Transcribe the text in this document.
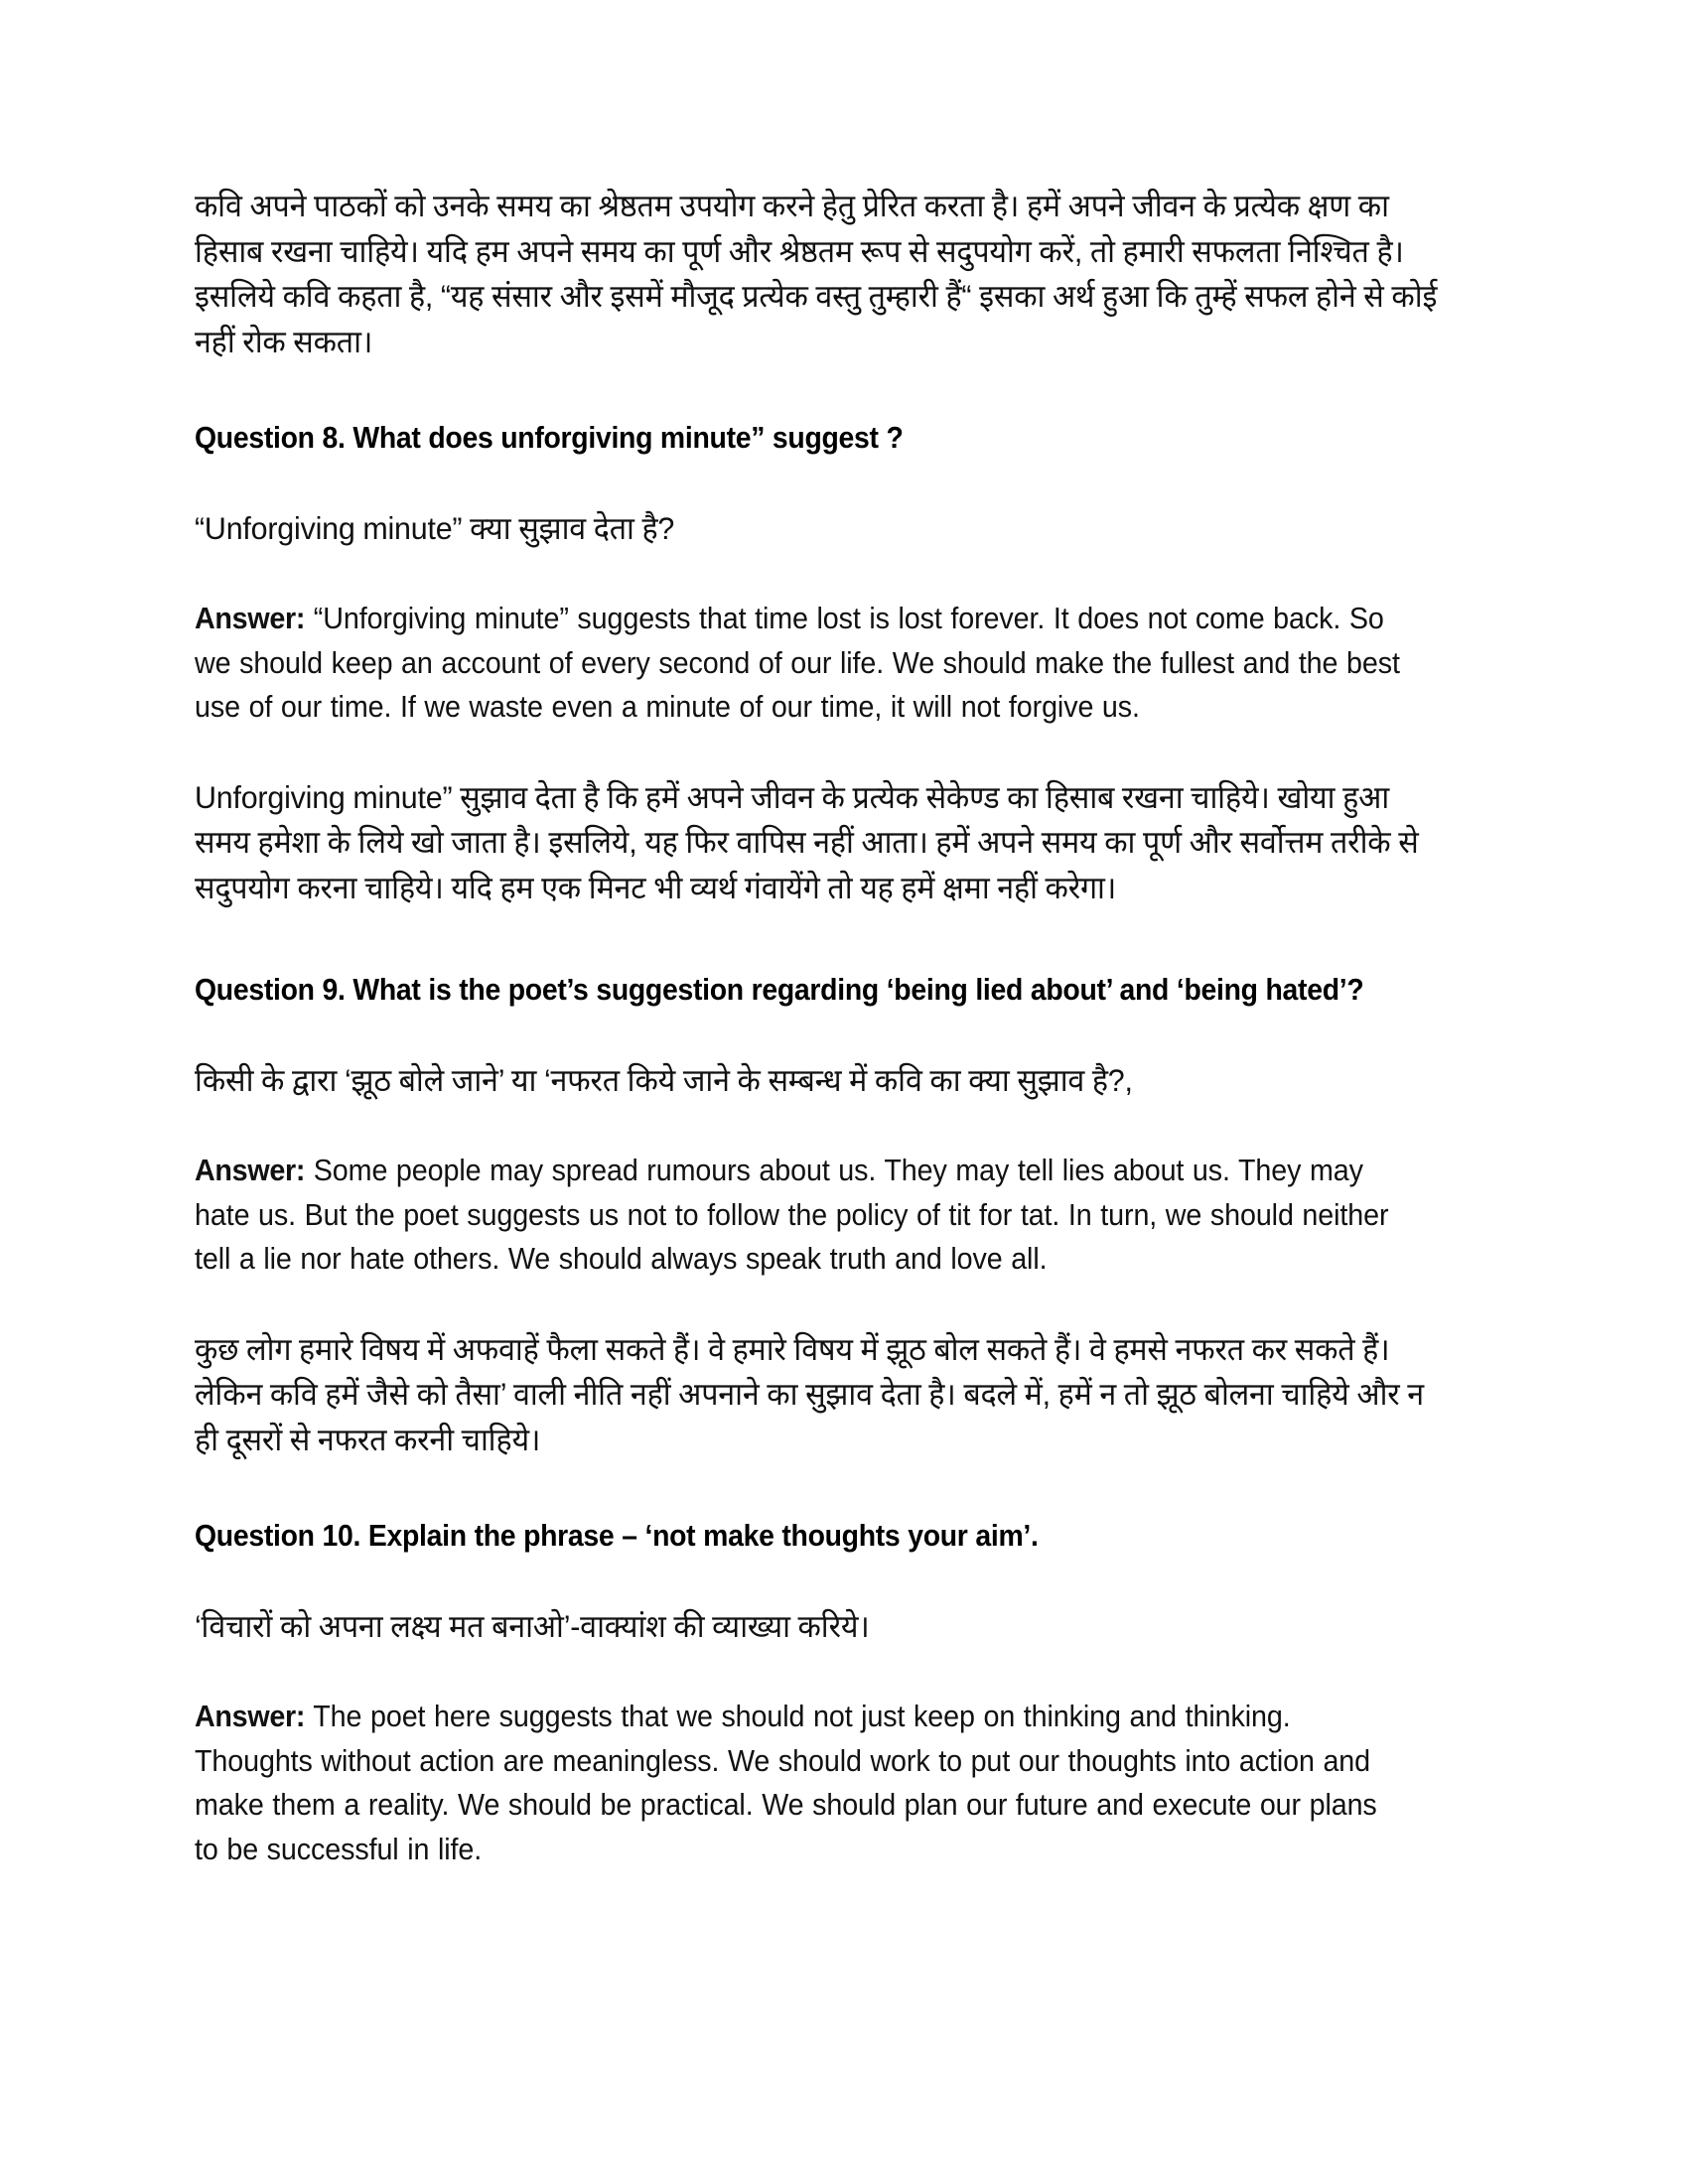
कवि अपने पाठकों को उनके समय का श्रेष्ठतम उपयोग करने हेतु प्रेरित करता है। हमें अपने जीवन के प्रत्येक क्षण का हिसाब रखना चाहिये। यदि हम अपने समय का पूर्ण और श्रेष्ठतम रूप से सदुपयोग करें, तो हमारी सफलता निश्चित है। इसलिये कवि कहता है, “यह संसार और इसमें मौजूद प्रत्येक वस्तु तुम्हारी हैं“ इसका अर्थ हुआ कि तुम्हें सफल होने से कोई नहीं रोक सकता।

Question 8. What does unforgiving minute” suggest ?

“Unforgiving minute” क्या सुझाव देता है?

Answer: “Unforgiving minute” suggests that time lost is lost forever. It does not come back. So we should keep an account of every second of our life. We should make the fullest and the best use of our time. If we waste even a minute of our time, it will not forgive us.

Unforgiving minute” सुझाव देता है कि हमें अपने जीवन के प्रत्येक सेकेण्ड का हिसाब रखना चाहिये। खोया हुआ समय हमेशा के लिये खो जाता है। इसलिये, यह फिर वापिस नहीं आता। हमें अपने समय का पूर्ण और सर्वोत्तम तरीके से सदुपयोग करना चाहिये। यदि हम एक मिनट भी व्यर्थ गंवायेंगे तो यह हमें क्षमा नहीं करेगा।

Question 9. What is the poet’s suggestion regarding ‘being lied about’ and ‘being hated’?

किसी के द्वारा ‘झूठ बोले जाने’ या ‘नफरत किये जाने के सम्बन्ध में कवि का क्या सुझाव है?,

Answer: Some people may spread rumours about us. They may tell lies about us. They may hate us. But the poet suggests us not to follow the policy of tit for tat. In turn, we should neither tell a lie nor hate others. We should always speak truth and love all.

कुछ लोग हमारे विषय में अफवाहें फैला सकते हैं। वे हमारे विषय में झूठ बोल सकते हैं। वे हमसे नफरत कर सकते हैं। लेकिन कवि हमें जैसे को तैसा’ वाली नीति नहीं अपनाने का सुझाव देता है। बदले में, हमें न तो झूठ बोलना चाहिये और न ही दूसरों से नफरत करनी चाहिये।

Question 10. Explain the phrase – ‘not make thoughts your aim’.

‘विचारों को अपना लक्ष्य मत बनाओ’-वाक्यांश की व्याख्या करिये।

Answer: The poet here suggests that we should not just keep on thinking and thinking. Thoughts without action are meaningless. We should work to put our thoughts into action and make them a reality. We should be practical. We should plan our future and execute our plans to be successful in life.
